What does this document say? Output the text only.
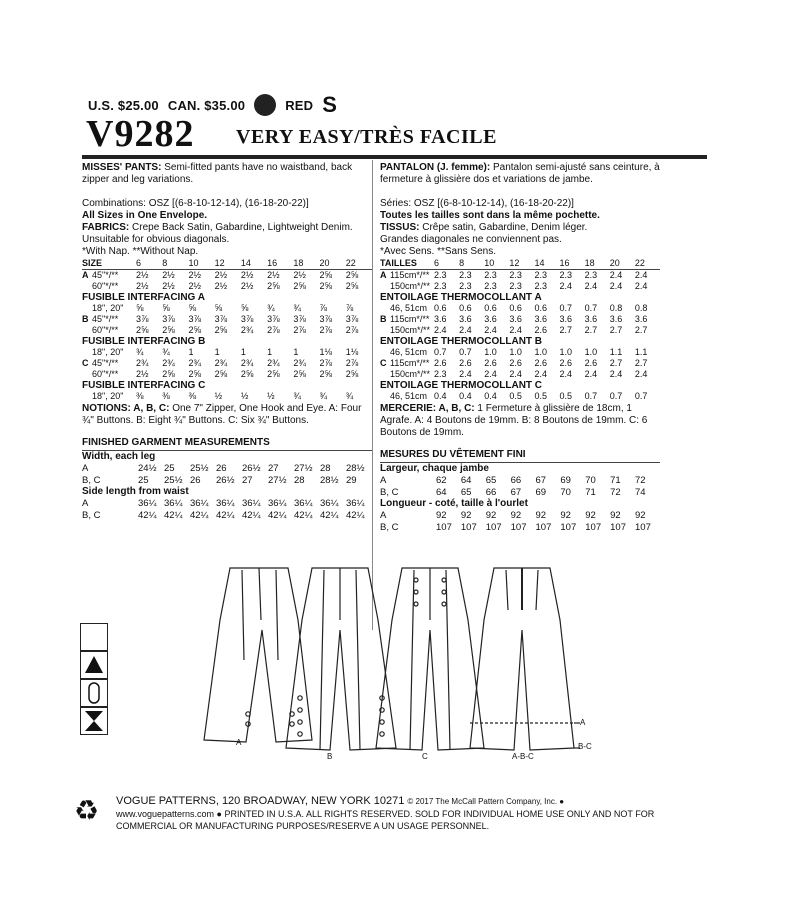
U.S. $25.00 CAN. $35.00	RED S
V9282 VERY EASY/TRÈS FACILE

MISSES' PANTS: Semi-fitted pants have no waistband, back zipper and leg variations.

Combinations: OSZ [(6-8-10-12-14), (16-18-20-22)]

All Sizes in One Envelope.

FABRICS: Crepe Back Satin, Gabardine, Lightweight Denim.

Unsuitable for obvious diagonals.

*With Nap. **Without Nap.

SIZE		6	8	10	12	14	16	18	20	22
A	45"*/**	2½	2½	2½	2½	2½	2½	2½	2⅝	2⅝
	60"*/**	2½	2½	2½	2½	2½	2⅝	2⅝	2⅝	2⅝
FUSIBLE INTERFACING A										
	18", 20"	⅝	⅝	⅝	⅝	⅝	¾	¾	⅞	⅞
B	45"*/**	3⅞	3⅞	3⅞	3⅞	3⅞	3⅞	3⅞	3⅞	3⅞
	60"*/**	2⅝	2⅝	2⅝	2⅝	2¾	2⅞	2⅞	2⅞	2⅞
FUSIBLE INTERFACING B										
	18", 20"	¾	¾	1	1	1	1	1	1⅛	1⅛
C	45"*/**	2¾	2¾	2¾	2¾	2¾	2¾	2¾	2⅞	2⅞
	60"*/**	2½	2⅝	2⅝	2⅝	2⅝	2⅝	2⅝	2⅝	2⅝
FUSIBLE INTERFACING C										
	18", 20"	⅜	⅜	⅜	½	½	½	¾	¾	¾

NOTIONS: A, B, C: One 7" Zipper, One Hook and Eye. A: Four ¾" Buttons. B: Eight ¾" Buttons. C: Six ¾" Buttons.

FINISHED GARMENT MEASUREMENTS

Width, each leg

A	24½	25	25½	26	26½	27	27½	28	28½
B, C	25	25½	26	26½	27	27½	28	28½	29

Side length from waist

A	36¼	36¼	36¼	36¼	36¼	36¼	36¼	36¼	36¼
B, C	42¼	42¼	42¼	42¼	42¼	42¼	42¼	42¼	42¼

PANTALON (J. femme): Pantalon semi-ajusté sans ceinture, à fermeture à glissière dos et variations de jambe.

Séries: OSZ [(6-8-10-12-14), (16-18-20-22)]

Toutes les tailles sont dans la même pochette.

TISSUS: Crêpe satin, Gabardine, Denim léger.

Grandes diagonales ne conviennent pas.

*Avec Sens. **Sans Sens.

TAILLES		6	8	10	12	14	16	18	20	22
A	115cm*/**	2.3	2.3	2.3	2.3	2.3	2.3	2.3	2.4	2.4
	150cm*/**	2.3	2.3	2.3	2.3	2.3	2.4	2.4	2.4	2.4
ENTOILAGE THERMOCOLLANT A										
	46, 51cm	0.6	0.6	0.6	0.6	0.6	0.7	0.7	0.8	0.8
B	115cm*/**	3.6	3.6	3.6	3.6	3.6	3.6	3.6	3.6	3.6
	150cm*/**	2.4	2.4	2.4	2.4	2.6	2.7	2.7	2.7	2.7
ENTOILAGE THERMOCOLLANT B										
	46, 51cm	0.7	0.7	1.0	1.0	1.0	1.0	1.0	1.1	1.1
C	115cm*/**	2.6	2.6	2.6	2.6	2.6	2.6	2.6	2.7	2.7
	150cm*/**	2.3	2.4	2.4	2.4	2.4	2.4	2.4	2.4	2.4
ENTOILAGE THERMOCOLLANT C										
	46, 51cm	0.4	0.4	0.4	0.5	0.5	0.5	0.7	0.7	0.7

MERCERIE: A, B, C: 1 Fermeture à glissière de 18cm, 1 Agrafe. A: 4 Boutons de 19mm. B: 8 Boutons de 19mm. C: 6 Boutons de 19mm.

MESURES DU VÊTEMENT FINI

Largeur, chaque jambe

A	62	64	65	66	67	69	70	71	72
B, C	64	65	66	67	69	70	71	72	74

Longueur - coté, taille à l'ourlet

A	92	92	92	92	92	92	92	92	92
B, C	107	107	107	107	107	107	107	107	107
A
B	C	A-B-C
A
B-C
♻	VOGUE PATTERNS, 120 BROADWAY, NEW YORK 10271 © 2017 The McCall Pattern Company, Inc. ●
www.voguepatterns.com ● PRINTED IN U.S.A. ALL RIGHTS RESERVED. SOLD FOR INDIVIDUAL HOME USE ONLY AND NOT FOR
COMMERCIAL OR MANUFACTURING PURPOSES/RESERVE A UN USAGE PERSONNEL.
